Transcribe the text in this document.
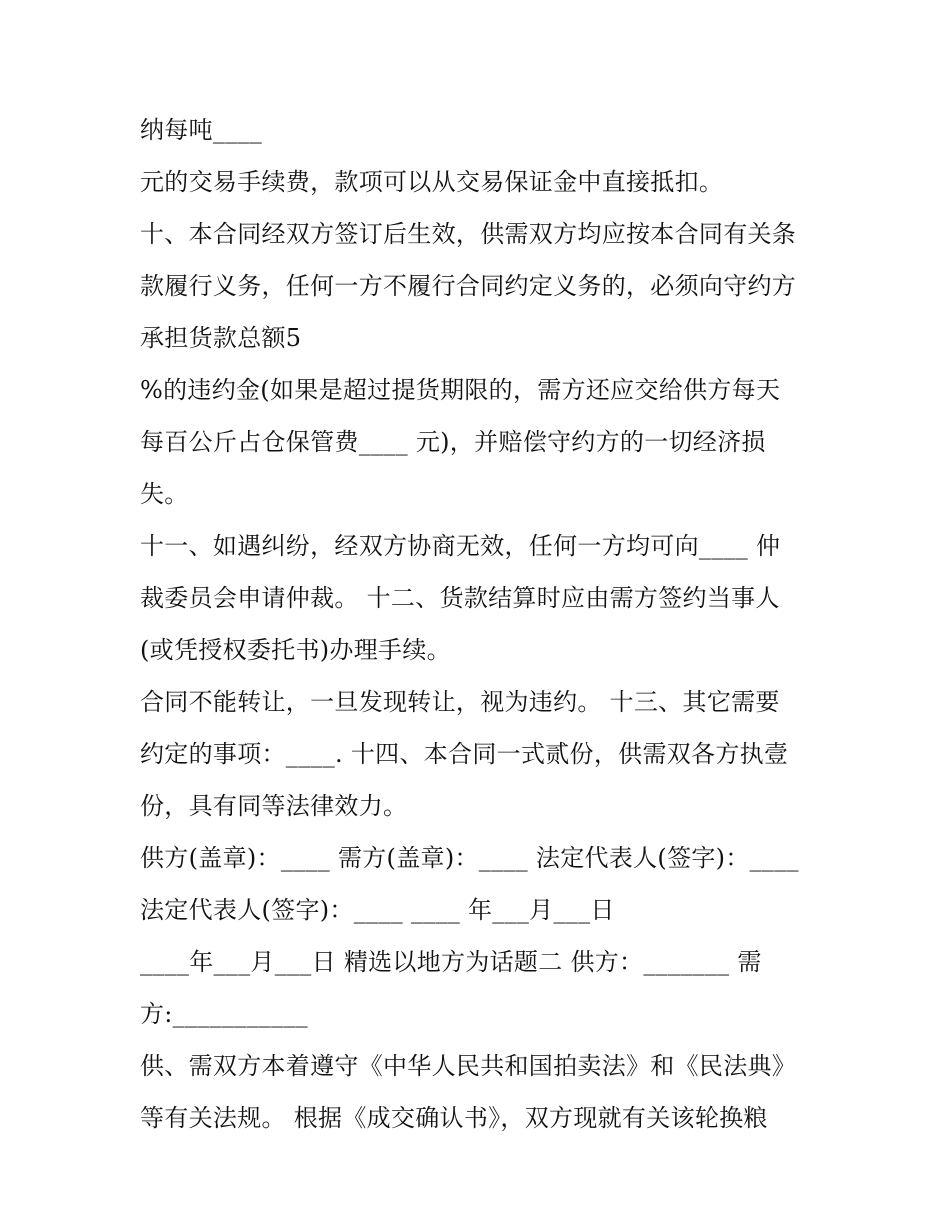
纳每吨____
元的交易手续费，款项可以从交易保证金中直接抵扣。
十、本合同经双方签订后生效，供需双方均应按本合同有关条
款履行义务，任何一方不履行合同约定义务的，必须向守约方
承担货款总额5
%的违约金(如果是超过提货期限的，需方还应交给供方每天
每百公斤占仓保管费____ 元)，并赔偿守约方的一切经济损
失。
十一、如遇纠纷，经双方协商无效，任何一方均可向____ 仲
裁委员会申请仲裁。 十二、货款结算时应由需方签约当事人
(或凭授权委托书)办理手续。
合同不能转让，一旦发现转让，视为违约。 十三、其它需要
约定的事项：____. 十四、本合同一式贰份，供需双各方执壹
份，具有同等法律效力。
供方(盖章)：____ 需方(盖章)：____ 法定代表人(签字)：____
法定代表人(签字)：____ ____ 年___月___日
____年___月___日 精选以地方为话题二 供方：_______ 需
方:___________
供、需双方本着遵守《中华人民共和国拍卖法》和《民法典》
等有关法规。 根据《成交确认书》，双方现就有关该轮换粮
